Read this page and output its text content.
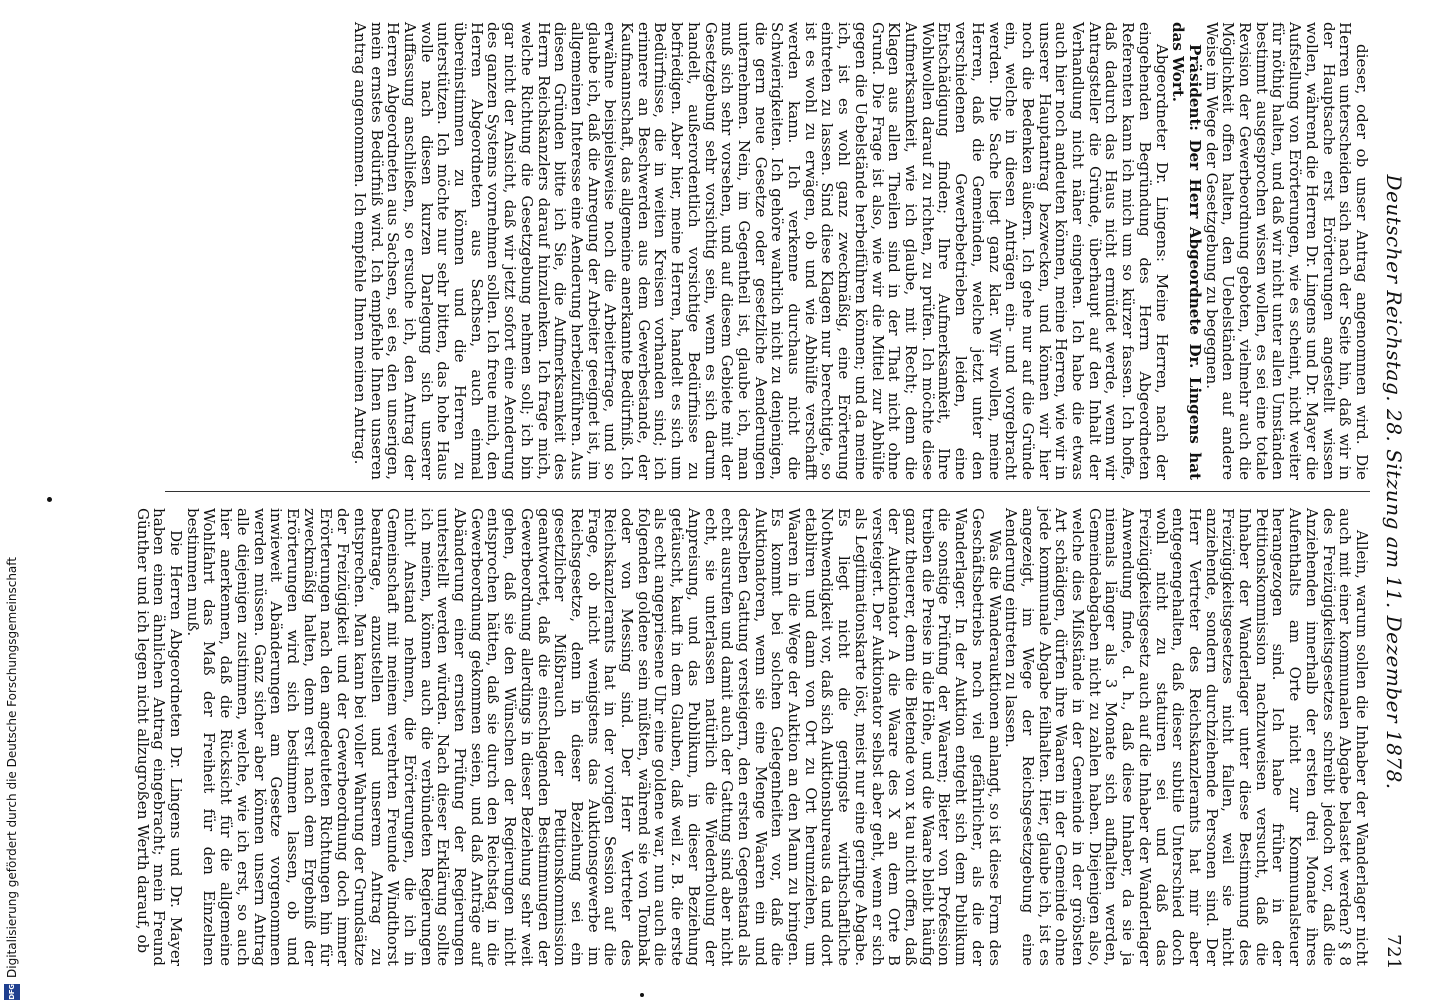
Deutscher Reichstag. 28. Sitzung am 11. Dezember 1878.
721

dieser, oder ob unser Antrag angenommen wird. Die Herren unterscheiden sich nach der Seite hin, daß wir in der Hauptsache erst Erörterungen angestellt wissen wollen, während die Herren Dr. Lingens und Dr. Mayer die Aufstellung von Erörterungen, wie es scheint, nicht weiter für nöthig halten, und daß wir nicht unter allen Umständen bestimmt ausgesprochen wissen wollen, es sei eine totale Revision der Gewerbeordnung geboten, vielmehr auch die Möglichkeit offen halten, den Uebelständen auf andere Weise im Wege der Gesetzgebung zu begegnen.

Präsident: Der Herr Abgeordnete Dr. Lingens hat das Wort.

Abgeordneter Dr. Lingens: Meine Herren, nach der eingehenden Begründung des Herrn Abgeordneten Referenten kann ich mich um so kürzer fassen. Ich hoffe, daß dadurch das Haus nicht ermüdet werde, wenn wir Antragsteller die Gründe, überhaupt auf den Inhalt der Verhandlung nicht näher eingehen. Ich habe die etwas auch hier noch andeuten können, meine Herren, wie wir in unserer Hauptantrag bezwecken, und können wir hier noch die Bedenken äußern. Ich gehe nur auf die Gründe ein, welche in diesen Anträgen ein- und vorgebracht werden. Die Sache liegt ganz klar. Wir wollen, meine Herren, daß die Gemeinden, welche jetzt unter den verschiedenen Gewerbebetrieben leiden, eine Entschädigung finden; Ihre Aufmerksamkeit, Ihre Wohlwollen darauf zu richten, zu prüfen. Ich möchte diese Aufmerksamkeit, wie ich glaube, mit Recht; denn die Klagen aus allen Theilen sind in der That nicht ohne Grund. Die Frage ist also, wie wir die Mittel zur Abhülfe gegen die Uebelstände herbeiführen können; und da meine ich, ist es wohl ganz zweckmäßig, eine Erörterung eintreten zu lassen. Sind diese Klagen nur berechtigte, so ist es wohl zu erwägen, ob und wie Abhülfe verschafft werden kann. Ich verkenne durchaus nicht die Schwierigkeiten. Ich gehöre wahrlich nicht zu denjenigen, die gern neue Gesetze oder gesetzliche Aenderungen unternehmen. Nein, im Gegentheil ist, glaube ich, man muß sich sehr vorsehen, und auf diesem Gebiete mit der Gesetzgebung sehr vorsichtig sein, wenn es sich darum handelt, außerordentlich vorsichtige Bedürfnisse zu befriedigen. Aber hier, meine Herren, handelt es sich um Bedürfnisse, die in weiten Kreisen vorhanden sind; ich erinnere an Beschwerden aus dem Gewerbestande, der Kaufmannschaft, das allgemeine anerkannte Bedürfniß. Ich erwähne beispielsweise noch die Arbeiterfrage, und so glaube ich, daß die Anregung der Arbeiter geeignet ist, im allgemeinen Interesse eine Aenderung herbeizuführen. Aus diesen Gründen bitte ich Sie, die Aufmerksamkeit des Herrn Reichskanzlers darauf hinzulenken. Ich frage mich, welche Richtung die Gesetzgebung nehmen soll; ich bin gar nicht der Ansicht, daß wir jetzt sofort eine Aenderung des ganzen Systems vornehmen sollen. Ich freue mich, den Herren Abgeordneten aus Sachsen, auch einmal übereinstimmen zu können und die Herren zu unterstützen. Ich möchte nur sehr bitten, das hohe Haus wolle nach diesen kurzen Darlegung sich unserer Auffassung anschließen, so ersuche ich, den Antrag der Herren Abgeordneten aus Sachsen, sei es, den unserigen, mein ernstes Bedürfniß wird. Ich empfehle Ihnen unseren Antrag angenommen. Ich empfehle Ihnen meinen Antrag.

Allein, warum sollen die Inhaber der Wanderlager nicht auch mit einer kommunalen Abgabe belastet werden? § 8 des Freizügigkeitsgesetzes schreibt jedoch vor, daß die Anziehenden innerhalb der ersten drei Monate ihres Aufenthalts am Orte nicht zur Kommunalsteuer herangezogen sind. Ich habe früher in der Petitionskommission nachzuweisen versucht, daß die Inhaber der Wanderlager unter diese Bestimmung des Freizügigkeitsgesetzes nicht fallen, weil sie nicht anziehende, sondern durchziehende Personen sind. Der Herr Vertreter des Reichskanzleramts hat mir aber entgegengehalten, daß dieser subtile Unterschied doch wohl nicht zu statuiren sei und daß das Freizügigkeitsgesetz auch auf die Inhaber der Wanderlager Anwendung finde, d. h., daß diese Inhaber, da sie ja niemals länger als 3 Monate sich aufhalten werden, Gemeindeabgaben nicht zu zahlen haben. Diejenigen also, welche dies Mißstände in der Gemeinde in der gröbsten Art schädigen, dürfen ihre Waaren in der Gemeinde ohne jede kommunale Abgabe feilhalten. Hier, glaube ich, ist es angezeigt, im Wege der Reichsgesetzgebung eine Aenderung eintreten zu lassen.

Was die Wanderauktionen anlangt, so ist diese Form des Geschäftsbetriebs noch viel gefährlicher, als die der Wanderlager. In der Auktion entgeht sich dem Publikum die sonstige Prüfung der Waaren; Bieter von Profession treiben die Preise in die Höhe, und die Waare bleibt häufig ganz theuerer, denn die Bietende von x tau nicht offen, daß der Auktionator A die Waare des X an dem Orte B versteigert. Der Auktionator selbst aber geht, wenn er sich als Legitimationskarte löst, meist nur eine geringe Abgabe. Es liegt nicht die geringste wirthschaftliche Nothwendigkeit vor, daß sich Auktionsbureaus da und dort etabliren und dann von Ort zu Ort herumziehen, um Waaren in die Wege der Auktion an den Mann zu bringen. Es kommt bei solchen Gelegenheiten vor, daß die Auktionatoren, wenn sie eine Menge Waaren ein und derselben Gattung versteigern, den ersten Gegenstand als echt ausrufen und damit auch der Gattung sind aber nicht echt, sie unterlassen natürlich die Wiederholung der Anpreisung, und das Publikum, in dieser Beziehung getäuscht, kauft in dem Glauben, daß weil z. B. die erste als echt angepriesene Uhr eine goldene war, nun auch die folgenden goldene sein müßten, während sie von Tombak oder von Messing sind. Der Herr Vertreter des Reichskanzleramts hat in der vorigen Session auf die Frage, ob nicht wenigstens das Auktionsgewerbe im Reichsgesetze, denn in dieser Beziehung sei ein gesetzlicher Mißbrauch der Petitionskommission geantwortet, daß die einschlagenden Bestimmungen der Gewerbeordnung allerdings in dieser Beziehung sehr weit gehen, daß sie den Wünschen der Regierungen nicht entsprochen hätten, daß sie durch den Reichstag in die Gewerbeordnung gekommen seien, und daß Anträge auf Abänderung einer ernsten Prüfung der Regierungen unterstellt werden würden. Nach dieser Erklärung sollte ich meinen, können auch die verbündeten Regierungen nicht Anstand nehmen, die Erörterungen, die ich in Gemeinschaft mit meinem verehrten Freunde Windthorst beantrage, anzustellen und unserem Antrag zu entsprechen. Man kann bei voller Wahrung der Grundsätze der Freizügigkeit und der Gewerbeordnung doch immer Erörterungen nach den angedeuteten Richtungen hin für zweckmäßig halten, denn erst nach dem Ergebniß der Erörterungen wird sich bestimmen lassen, ob und inwieweit Abänderungen am Gesetze vorgenommen werden müssen. Ganz sicher aber können unsern Antrag alle diejenigen zustimmen, welche, wie ich erst, so auch hier anerkennen, daß die Rücksicht für die allgemeine Wohlfahrt das Maß der Freiheit für den Einzelnen bestimmen muß.

Die Herren Abgeordneten Dr. Lingens und Dr. Mayer haben einen ähnlichen Antrag eingebracht; mein Freund Günther und ich legen nicht allzugroßen Werth darauf, ob

DFG
Digitalisierung gefördert durch die Deutsche Forschungsgemeinschaft
